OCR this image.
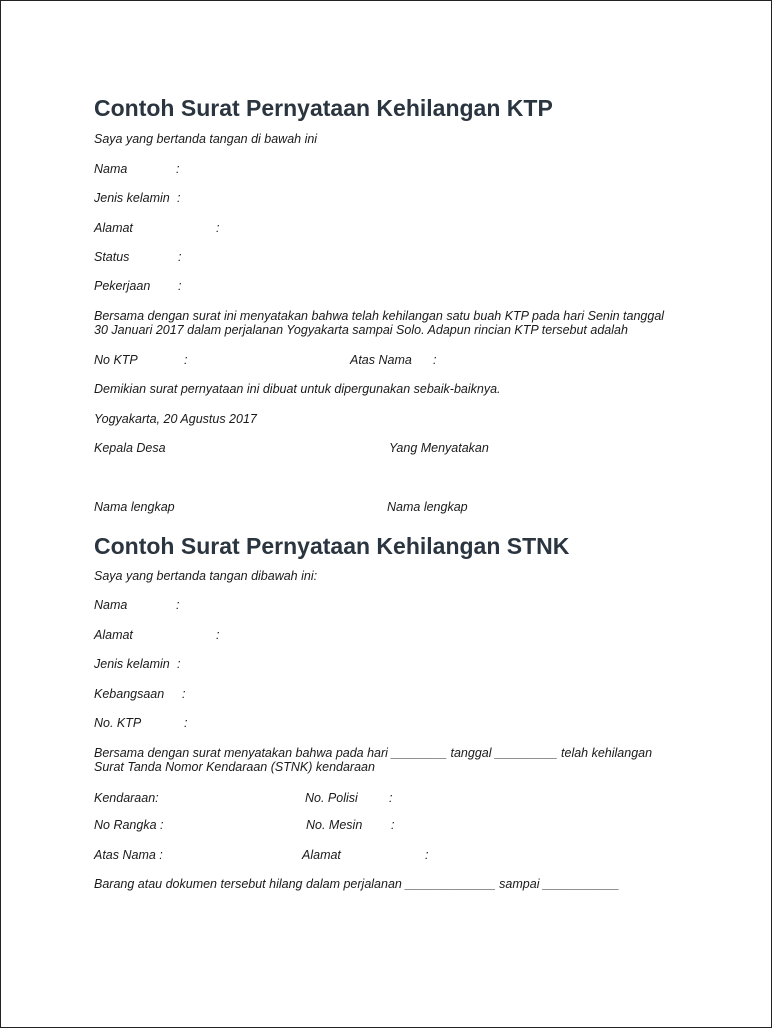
Contoh Surat Pernyataan Kehilangan KTP
Saya yang bertanda tangan di bawah ini
Nama	:
Jenis kelamin :
Alamat	:
Status	:
Pekerjaan :
Bersama dengan surat ini menyatakan bahwa telah kehilangan satu buah KTP pada hari Senin tanggal
30 Januari 2017 dalam perjalanan Yogyakarta sampai Solo. Adapun rincian KTP tersebut adalah
No KTP	:	Atas Nama :
Demikian surat pernyataan ini dibuat untuk dipergunakan sebaik-baiknya.
Yogyakarta, 20 Agustus 2017
Kepala Desa	Yang Menyatakan
Nama lengkap	Nama lengkap
Contoh Surat Pernyataan Kehilangan STNK
Saya yang bertanda tangan dibawah ini:
Nama	:
Alamat	:
Jenis kelamin :
Kebangsaan :
No. KTP	:
Bersama dengan surat menyatakan bahwa pada hari ________ tanggal _________ telah kehilangan
Surat Tanda Nomor Kendaraan (STNK) kendaraan
Kendaraan:	No. Polisi :
No Rangka :	No. Mesin :
Atas Nama :	Alamat	:
Barang atau dokumen tersebut hilang dalam perjalanan _____________ sampai ___________
